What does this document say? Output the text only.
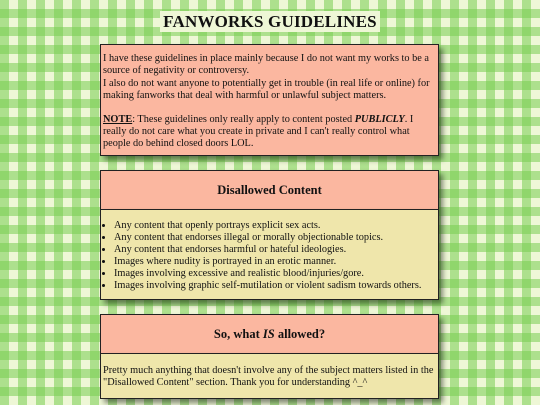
FANWORKS GUIDELINES

I have these guidelines in place mainly because I do not want my works to be a source of negativity or controversy.
I also do not want anyone to potentially get in trouble (in real life or online) for making fanworks that deal with harmful or unlawful subject matters.

NOTE: These guidelines only really apply to content posted PUBLICLY. I really do not care what you create in private and I can't really control what people do behind closed doors LOL.

Disallowed Content
• Any content that openly portrays explicit sex acts.
• Any content that endorses illegal or morally objectionable topics.
• Any content that endorses harmful or hateful ideologies.
• Images where nudity is portrayed in an erotic manner.
• Images involving excessive and realistic blood/injuries/gore.
• Images involving graphic self-mutilation or violent sadism towards others.
So, what IS allowed?
Pretty much anything that doesn't involve any of the subject matters listed in the "Disallowed Content" section. Thank you for understanding ^_^
